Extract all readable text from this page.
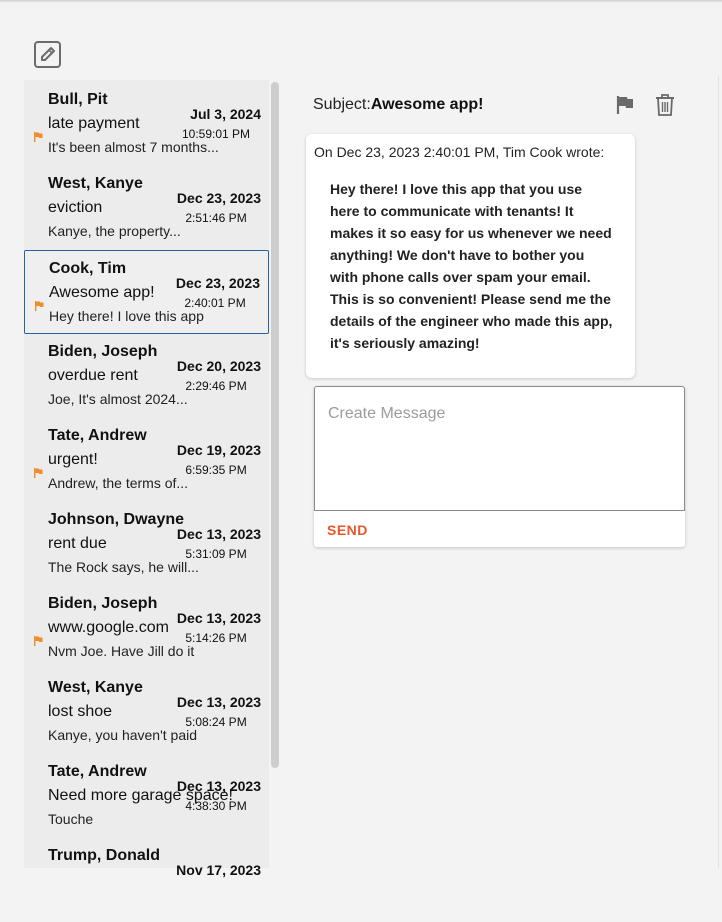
Bull, Pit
late payment
It's been almost 7 months...
Jul 3, 2024
10:59:01 PM
West, Kanye
eviction
Kanye, the property...
Dec 23, 2023
2:51:46 PM
Cook, Tim
Awesome app!
Hey there! I love this app
Dec 23, 2023
2:40:01 PM
Biden, Joseph
overdue rent
Joe, It's almost 2024...
Dec 20, 2023
2:29:46 PM
Tate, Andrew
urgent!
Andrew, the terms of...
Dec 19, 2023
6:59:35 PM
Johnson, Dwayne
rent due
The Rock says, he will...
Dec 13, 2023
5:31:09 PM
Biden, Joseph
www.google.com
Nvm Joe. Have Jill do it
Dec 13, 2023
5:14:26 PM
West, Kanye
lost shoe
Kanye, you haven't paid
Dec 13, 2023
5:08:24 PM
Tate, Andrew
Need more garage space!
Touche
Dec 13, 2023
4:38:30 PM
Trump, Donald
Nov 17, 2023
Subject:Awesome app!
On Dec 23, 2023 2:40:01 PM, Tim Cook wrote:
Hey there! I love this app that you use here to communicate with tenants! It makes it so easy for us whenever we need anything! We don't have to bother you with phone calls over spam your email. This is so convenient! Please send me the details of the engineer who made this app, it's seriously amazing!
Create Message
SEND
